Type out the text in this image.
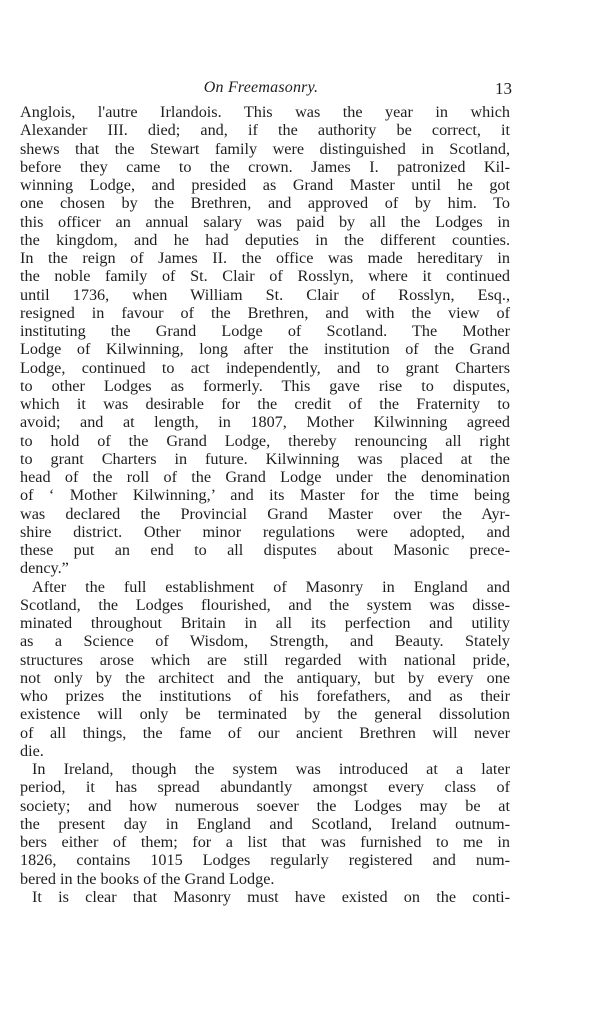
On Freemasonry.	13
Anglois, l'autre Irlandois. This was the year in which
Alexander III. died; and, if the authority be correct, it
shews that the Stewart family were distinguished in Scotland,
before they came to the crown. James I. patronized Kil-
winning Lodge, and presided as Grand Master until he got
one chosen by the Brethren, and approved of by him. To
this officer an annual salary was paid by all the Lodges in
the kingdom, and he had deputies in the different counties.
In the reign of James II. the office was made hereditary in
the noble family of St. Clair of Rosslyn, where it continued
until 1736, when William St. Clair of Rosslyn, Esq.,
resigned in favour of the Brethren, and with the view of
instituting the Grand Lodge of Scotland. The Mother
Lodge of Kilwinning, long after the institution of the Grand
Lodge, continued to act independently, and to grant Charters
to other Lodges as formerly. This gave rise to disputes,
which it was desirable for the credit of the Fraternity to
avoid; and at length, in 1807, Mother Kilwinning agreed
to hold of the Grand Lodge, thereby renouncing all right
to grant Charters in future. Kilwinning was placed at the
head of the roll of the Grand Lodge under the denomination
of ‘ Mother Kilwinning,’ and its Master for the time being
was declared the Provincial Grand Master over the Ayr-
shire district. Other minor regulations were adopted, and
these put an end to all disputes about Masonic prece-
dency.”
After the full establishment of Masonry in England and
Scotland, the Lodges flourished, and the system was disse-
minated throughout Britain in all its perfection and utility
as a Science of Wisdom, Strength, and Beauty. Stately
structures arose which are still regarded with national pride,
not only by the architect and the antiquary, but by every one
who prizes the institutions of his forefathers, and as their
existence will only be terminated by the general dissolution
of all things, the fame of our ancient Brethren will never
die.
In Ireland, though the system was introduced at a later
period, it has spread abundantly amongst every class of
society; and how numerous soever the Lodges may be at
the present day in England and Scotland, Ireland outnum-
bers either of them; for a list that was furnished to me in
1826, contains 1015 Lodges regularly registered and num-
bered in the books of the Grand Lodge.
It is clear that Masonry must have existed on the conti-
